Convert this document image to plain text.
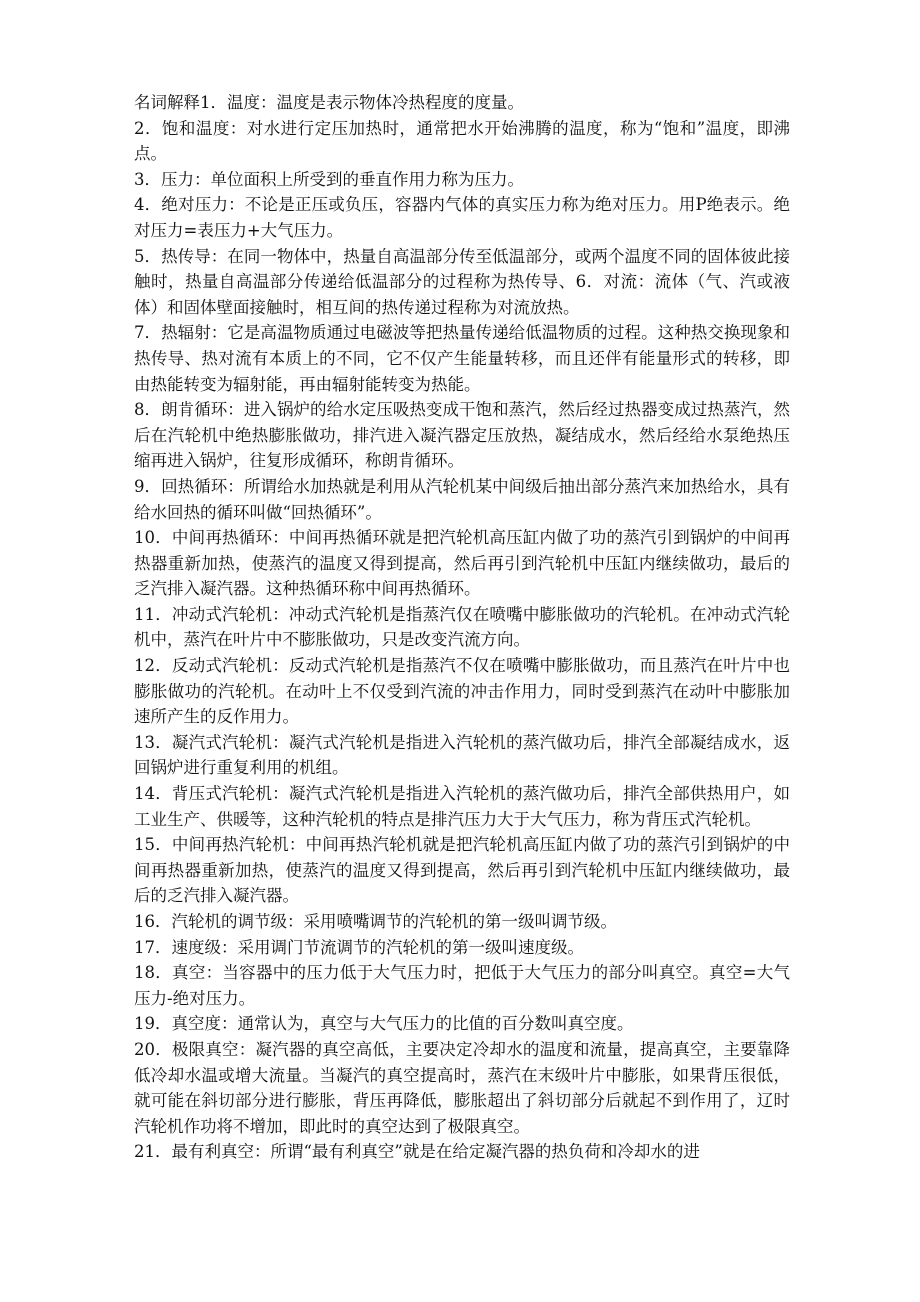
名词解释1．温度：温度是表示物体冷热程度的度量。

2．饱和温度：对水进行定压加热时，通常把水开始沸腾的温度，称为“饱和”温度，即沸点。

3．压力：单位面积上所受到的垂直作用力称为压力。

4．绝对压力：不论是正压或负压，容器内气体的真实压力称为绝对压力。用P绝表示。绝对压力=表压力+大气压力。

5．热传导：在同一物体中，热量自高温部分传至低温部分，或两个温度不同的固体彼此接触时，热量自高温部分传递给低温部分的过程称为热传导、6．对流：流体（气、汽或液体）和固体壁面接触时，相互间的热传递过程称为对流放热。

7．热辐射：它是高温物质通过电磁波等把热量传递给低温物质的过程。这种热交换现象和热传导、热对流有本质上的不同，它不仅产生能量转移，而且还伴有能量形式的转移，即由热能转变为辐射能，再由辐射能转变为热能。

8．朗肯循环：进入锅炉的给水定压吸热变成干饱和蒸汽，然后经过热器变成过热蒸汽，然后在汽轮机中绝热膨胀做功，排汽进入凝汽器定压放热，凝结成水，然后经给水泵绝热压缩再进入锅炉，往复形成循环，称朗肯循环。

9．回热循环：所谓给水加热就是利用从汽轮机某中间级后抽出部分蒸汽来加热给水，具有给水回热的循环叫做“回热循环”。

10．中间再热循环：中间再热循环就是把汽轮机高压缸内做了功的蒸汽引到锅炉的中间再热器重新加热，使蒸汽的温度又得到提高，然后再引到汽轮机中压缸内继续做功，最后的乏汽排入凝汽器。这种热循环称中间再热循环。

11．冲动式汽轮机：冲动式汽轮机是指蒸汽仅在喷嘴中膨胀做功的汽轮机。在冲动式汽轮机中，蒸汽在叶片中不膨胀做功，只是改变汽流方向。

12．反动式汽轮机：反动式汽轮机是指蒸汽不仅在喷嘴中膨胀做功，而且蒸汽在叶片中也膨胀做功的汽轮机。在动叶上不仅受到汽流的冲击作用力，同时受到蒸汽在动叶中膨胀加速所产生的反作用力。

13．凝汽式汽轮机：凝汽式汽轮机是指进入汽轮机的蒸汽做功后，排汽全部凝结成水，返回锅炉进行重复利用的机组。

14．背压式汽轮机：凝汽式汽轮机是指进入汽轮机的蒸汽做功后，排汽全部供热用户，如工业生产、供暖等，这种汽轮机的特点是排汽压力大于大气压力，称为背压式汽轮机。

15．中间再热汽轮机：中间再热汽轮机就是把汽轮机高压缸内做了功的蒸汽引到锅炉的中间再热器重新加热，使蒸汽的温度又得到提高，然后再引到汽轮机中压缸内继续做功，最后的乏汽排入凝汽器。

16．汽轮机的调节级：采用喷嘴调节的汽轮机的第一级叫调节级。

17．速度级：采用调门节流调节的汽轮机的第一级叫速度级。

18．真空：当容器中的压力低于大气压力时，把低于大气压力的部分叫真空。真空=大气压力-绝对压力。

19．真空度：通常认为，真空与大气压力的比值的百分数叫真空度。

20．极限真空：凝汽器的真空高低，主要决定冷却水的温度和流量，提高真空，主要靠降低冷却水温或增大流量。当凝汽的真空提高时，蒸汽在末级叶片中膨胀，如果背压很低，就可能在斜切部分进行膨胀，背压再降低，膨胀超出了斜切部分后就起不到作用了，辽时汽轮机作功将不增加，即此时的真空达到了极限真空。

21．最有利真空：所谓“最有利真空”就是在给定凝汽器的热负荷和冷却水的进
